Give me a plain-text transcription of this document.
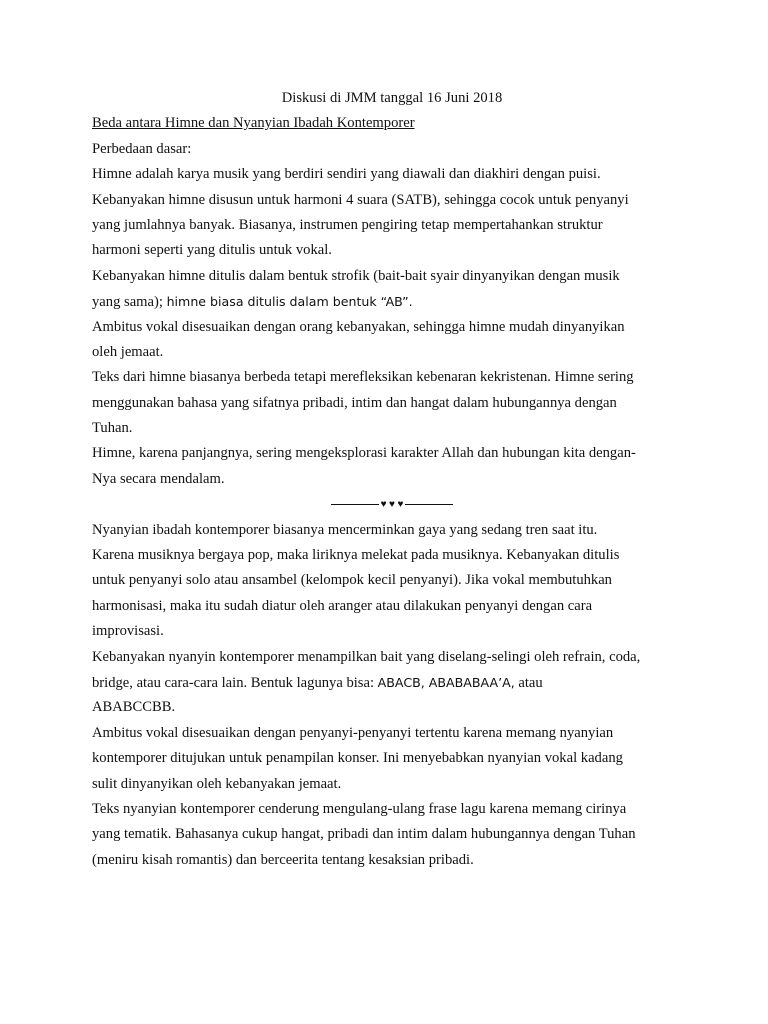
Diskusi di JMM tanggal 16 Juni 2018
Beda antara Himne dan Nyanyian Ibadah Kontemporer
Perbedaan dasar:
Himne adalah karya musik yang berdiri sendiri yang diawali dan diakhiri dengan puisi.
Kebanyakan himne disusun untuk harmoni 4 suara (SATB), sehingga cocok untuk penyanyi
yang jumlahnya banyak. Biasanya, instrumen pengiring tetap mempertahankan struktur
harmoni seperti yang ditulis untuk vokal.
Kebanyakan himne ditulis dalam bentuk strofik (bait-bait syair dinyanyikan dengan musik
yang sama); himne biasa ditulis dalam bentuk “AB”.
Ambitus vokal disesuaikan dengan orang kebanyakan, sehingga himne mudah dinyanyikan
oleh jemaat.
Teks dari himne biasanya berbeda tetapi merefleksikan kebenaran kekristenan. Himne sering
menggunakan bahasa yang sifatnya pribadi, intim dan hangat dalam hubungannya dengan
Tuhan.
Himne, karena panjangnya, sering mengeksplorasi karakter Allah dan hubungan kita dengan-
Nya secara mendalam.
♥ ♥ ♥
Nyanyian ibadah kontemporer biasanya mencerminkan gaya yang sedang tren saat itu.
Karena musiknya bergaya pop, maka liriknya melekat pada musiknya. Kebanyakan ditulis
untuk penyanyi solo atau ansambel (kelompok kecil penyanyi). Jika vokal membutuhkan
harmonisasi, maka itu sudah diatur oleh aranger atau dilakukan penyanyi dengan cara
improvisasi.
Kebanyakan nyanyin kontemporer menampilkan bait yang diselang-selingi oleh refrain, coda,
bridge, atau cara-cara lain. Bentuk lagunya bisa: ABACB, ABABABAA’A, atau
ABABCCBB.
Ambitus vokal disesuaikan dengan penyanyi-penyanyi tertentu karena memang nyanyian
kontemporer ditujukan untuk penampilan konser. Ini menyebabkan nyanyian vokal kadang
sulit dinyanyikan oleh kebanyakan jemaat.
Teks nyanyian kontemporer cenderung mengulang-ulang frase lagu karena memang cirinya
yang tematik. Bahasanya cukup hangat, pribadi dan intim dalam hubungannya dengan Tuhan
(meniru kisah romantis) dan berceerita tentang kesaksian pribadi.
